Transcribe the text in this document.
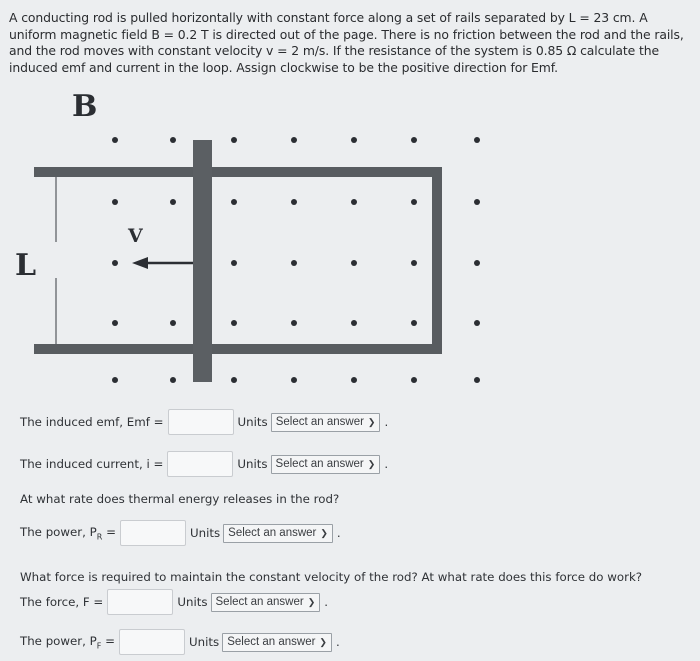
A conducting rod is pulled horizontally with constant force along a set of rails separated by L = 23 cm. A uniform magnetic field B = 0.2 T is directed out of the page. There is no friction between the rod and the rails, and the rod moves with constant velocity v = 2 m/s. If the resistance of the system is 0.85 Ω calculate the induced emf and current in the loop. Assign clockwise to be the positive direction for Emf.
B
L
V
The induced emf, Emf =	Units Select an answer ❯ .
The induced current, i =	Units Select an answer ❯ .
At what rate does thermal energy releases in the rod?
The power, $P_R$ =	Units Select an answer ❯ .
What force is required to maintain the constant velocity of the rod? At what rate does this force do work?
The force, F =	Units Select an answer ❯ .
The power, $P_F$ =	Units Select an answer ❯ .
